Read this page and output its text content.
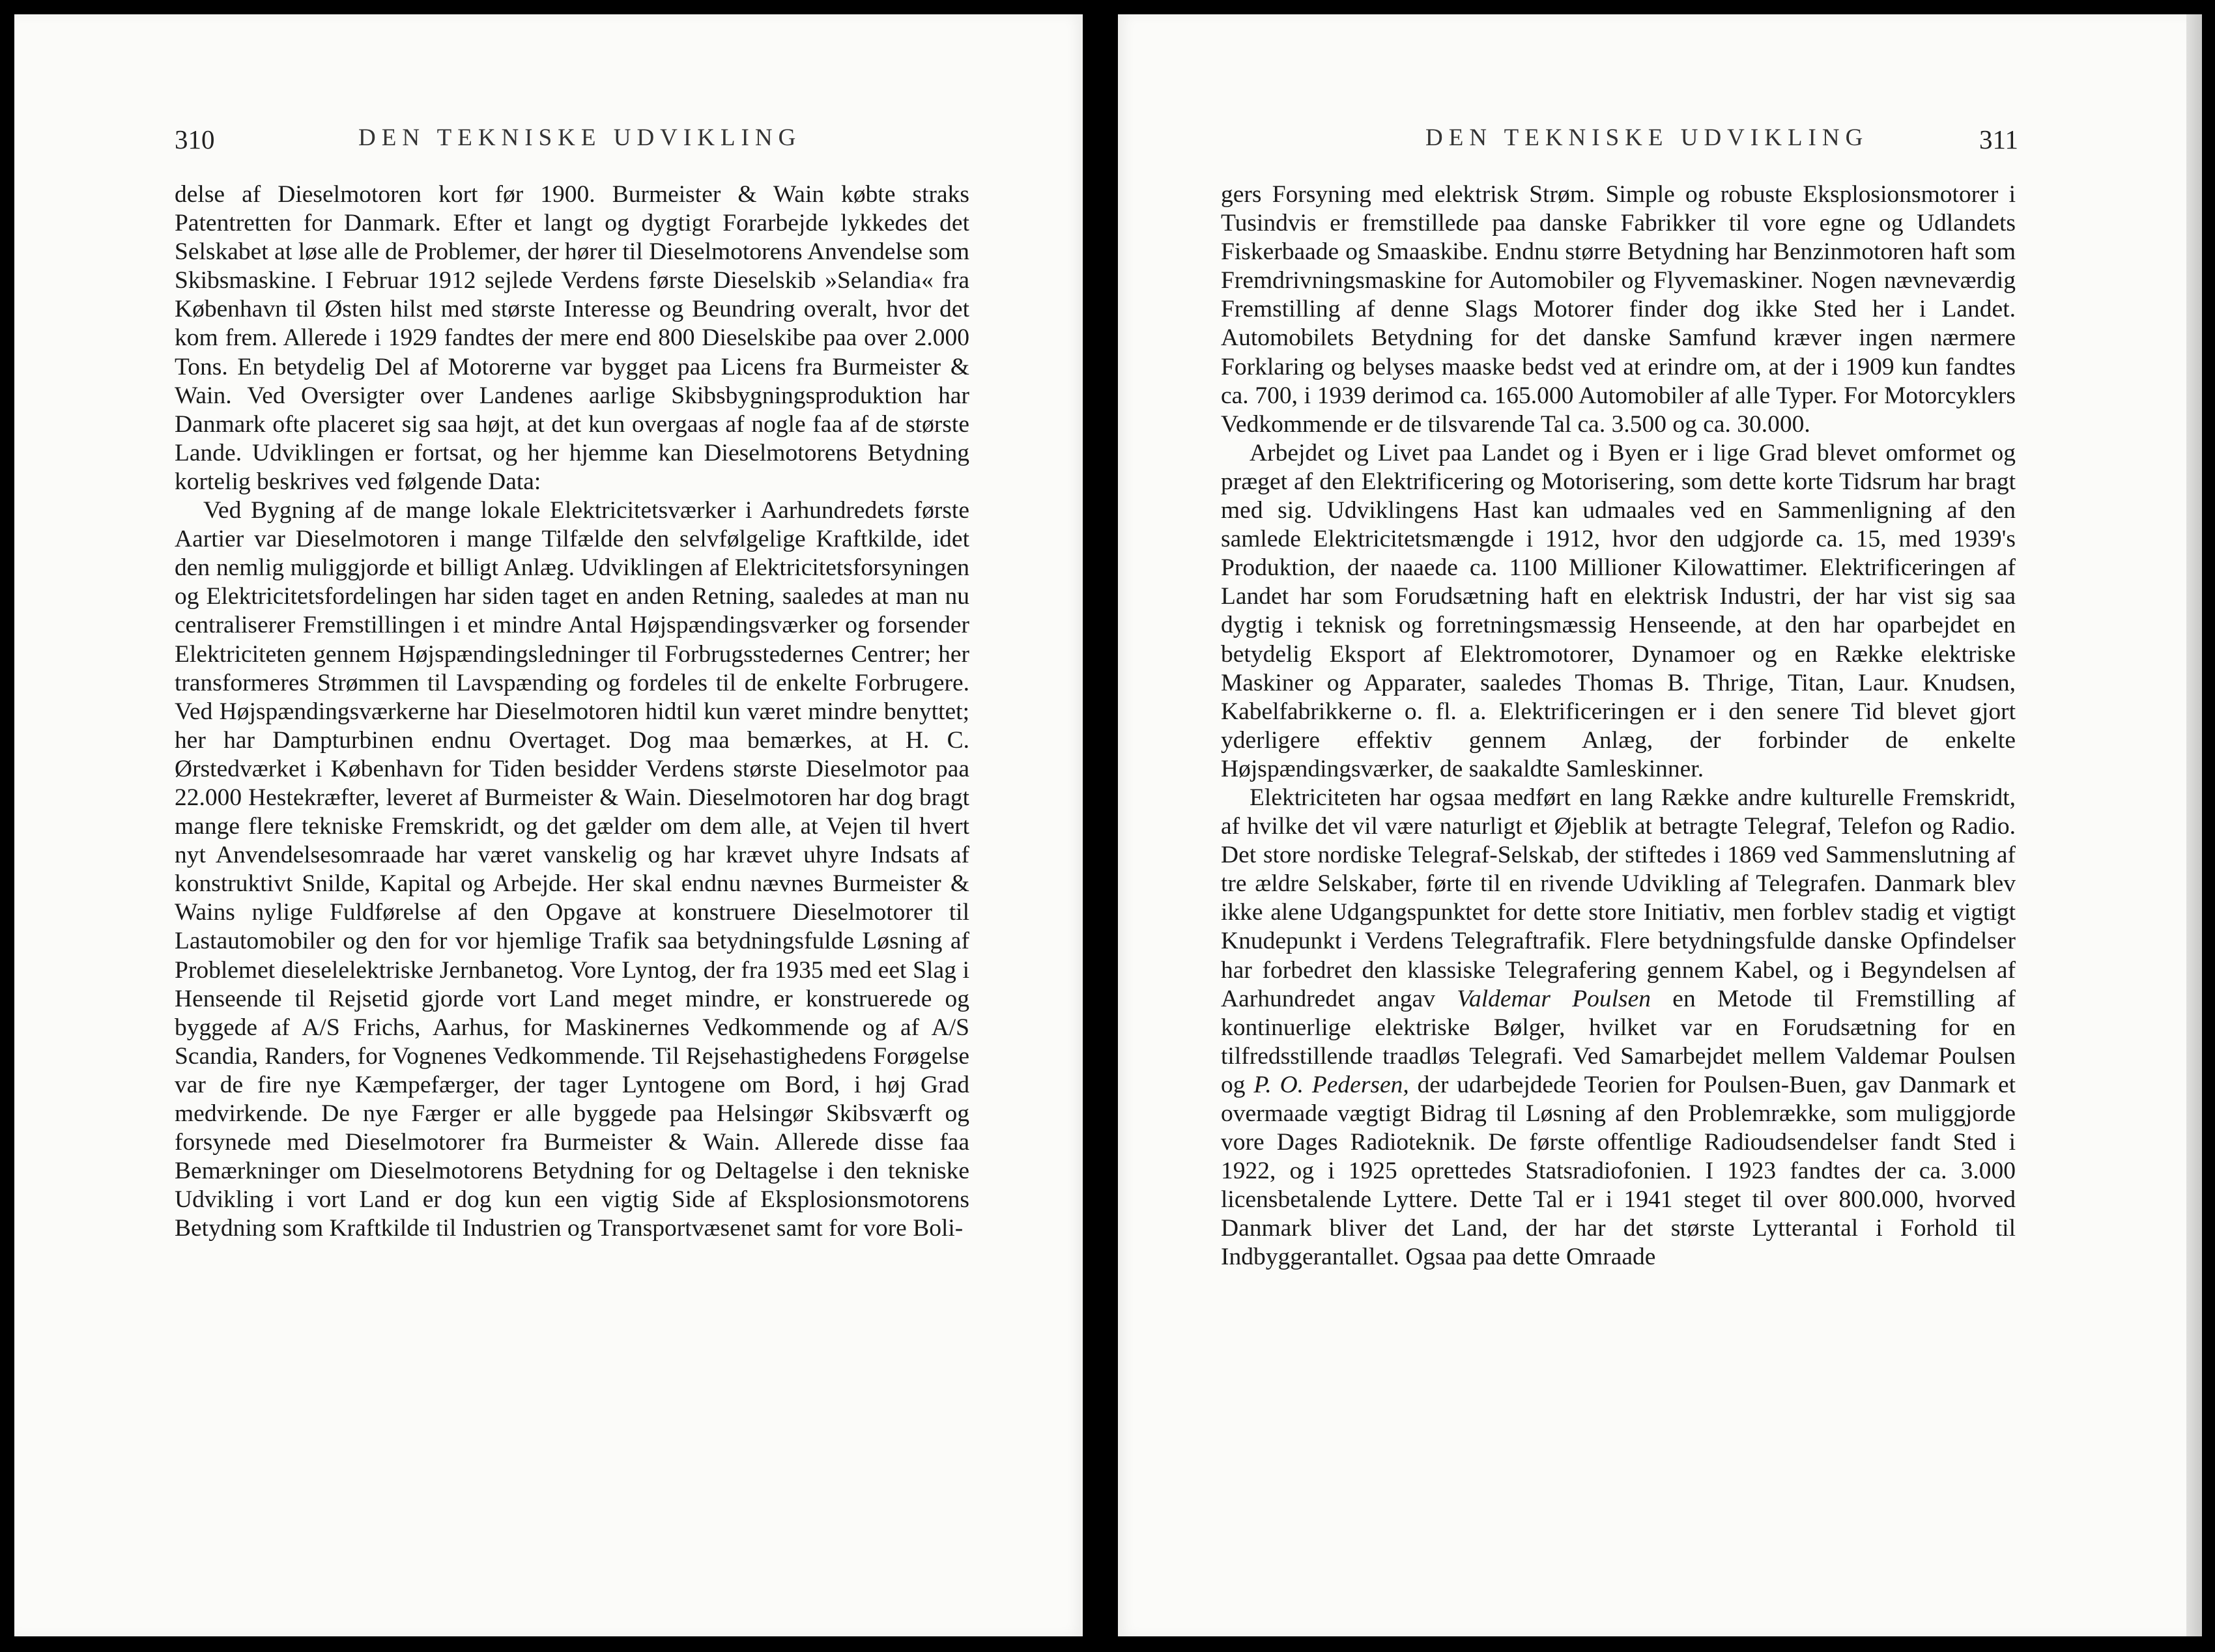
310	DEN TEKNISKE UDVIKLING

delse af Dieselmotoren kort før 1900. Burmeister & Wain købte straks Patentretten for Danmark. Efter et langt og dygtigt Forarbejde lykkedes det Selskabet at løse alle de Problemer, der hører til Dieselmotorens Anvendelse som Skibsmaskine. I Februar 1912 sejlede Verdens første Dieselskib »Selandia« fra København til Østen hilst med største Interesse og Beundring overalt, hvor det kom frem. Allerede i 1929 fandtes der mere end 800 Dieselskibe paa over 2.000 Tons. En betydelig Del af Motorerne var bygget paa Licens fra Burmeister & Wain. Ved Oversigter over Landenes aarlige Skibsbygningsproduktion har Danmark ofte placeret sig saa højt, at det kun overgaas af nogle faa af de største Lande. Udviklingen er fortsat, og her hjemme kan Dieselmotorens Betydning kortelig beskrives ved følgende Data:

Ved Bygning af de mange lokale Elektricitetsværker i Aarhundredets første Aartier var Dieselmotoren i mange Tilfælde den selvfølgelige Kraftkilde, idet den nemlig muliggjorde et billigt Anlæg. Udviklingen af Elektricitetsforsyningen og Elektricitetsfordelingen har siden taget en anden Retning, saaledes at man nu centraliserer Fremstillingen i et mindre Antal Højspændingsværker og forsender Elektriciteten gennem Højspændingsledninger til Forbrugsstedernes Centrer; her transformeres Strømmen til Lavspænding og fordeles til de enkelte Forbrugere. Ved Højspændingsværkerne har Dieselmotoren hidtil kun været mindre benyttet; her har Dampturbinen endnu Overtaget. Dog maa bemærkes, at H. C. Ørstedværket i København for Tiden besidder Verdens største Dieselmotor paa 22.000 Hestekræfter, leveret af Burmeister & Wain. Dieselmotoren har dog bragt mange flere tekniske Fremskridt, og det gælder om dem alle, at Vejen til hvert nyt Anvendelsesomraade har været vanskelig og har krævet uhyre Indsats af konstruktivt Snilde, Kapital og Arbejde. Her skal endnu nævnes Burmeister & Wains nylige Fuldførelse af den Opgave at konstruere Dieselmotorer til Lastautomobiler og den for vor hjemlige Trafik saa betydningsfulde Løsning af Problemet dieselelektriske Jernbanetog. Vore Lyntog, der fra 1935 med eet Slag i Henseende til Rejsetid gjorde vort Land meget mindre, er konstruerede og byggede af A/S Frichs, Aarhus, for Maskinernes Vedkommende og af A/S Scandia, Randers, for Vognenes Vedkommende. Til Rejsehastighedens Forøgelse var de fire nye Kæmpefærger, der tager Lyntogene om Bord, i høj Grad medvirkende. De nye Færger er alle byggede paa Helsingør Skibsværft og forsynede med Dieselmotorer fra Burmeister & Wain. Allerede disse faa Bemærkninger om Dieselmotorens Betydning for og Deltagelse i den tekniske Udvikling i vort Land er dog kun een vigtig Side af Eksplosionsmotorens Betydning som Kraftkilde til Industrien og Transportvæsenet samt for vore Boli-

DEN TEKNISKE UDVIKLING	311

gers Forsyning med elektrisk Strøm. Simple og robuste Eksplosionsmotorer i Tusindvis er fremstillede paa danske Fabrikker til vore egne og Udlandets Fiskerbaade og Smaaskibe. Endnu større Betydning har Benzinmotoren haft som Fremdrivningsmaskine for Automobiler og Flyvemaskiner. Nogen nævneværdig Fremstilling af denne Slags Motorer finder dog ikke Sted her i Landet. Automobilets Betydning for det danske Samfund kræver ingen nærmere Forklaring og belyses maaske bedst ved at erindre om, at der i 1909 kun fandtes ca. 700, i 1939 derimod ca. 165.000 Automobiler af alle Typer. For Motorcyklers Vedkommende er de tilsvarende Tal ca. 3.500 og ca. 30.000.

Arbejdet og Livet paa Landet og i Byen er i lige Grad blevet omformet og præget af den Elektrificering og Motorisering, som dette korte Tidsrum har bragt med sig. Udviklingens Hast kan udmaales ved en Sammenligning af den samlede Elektricitetsmængde i 1912, hvor den udgjorde ca. 15, med 1939's Produktion, der naaede ca. 1100 Millioner Kilowattimer. Elektrificeringen af Landet har som Forudsætning haft en elektrisk Industri, der har vist sig saa dygtig i teknisk og forretningsmæssig Henseende, at den har oparbejdet en betydelig Eksport af Elektromotorer, Dynamoer og en Række elektriske Maskiner og Apparater, saaledes Thomas B. Thrige, Titan, Laur. Knudsen, Kabelfabrikkerne o. fl. a. Elektrificeringen er i den senere Tid blevet gjort yderligere effektiv gennem Anlæg, der forbinder de enkelte Højspændingsværker, de saakaldte Samleskinner.

Elektriciteten har ogsaa medført en lang Række andre kulturelle Fremskridt, af hvilke det vil være naturligt et Øjeblik at betragte Telegraf, Telefon og Radio. Det store nordiske Telegraf-Selskab, der stiftedes i 1869 ved Sammenslutning af tre ældre Selskaber, førte til en rivende Udvikling af Telegrafen. Danmark blev ikke alene Udgangspunktet for dette store Initiativ, men forblev stadig et vigtigt Knudepunkt i Verdens Telegraftrafik. Flere betydningsfulde danske Opfindelser har forbedret den klassiske Telegrafering gennem Kabel, og i Begyndelsen af Aarhundredet angav Valdemar Poulsen en Metode til Fremstilling af kontinuerlige elektriske Bølger, hvilket var en Forudsætning for en tilfredsstillende traadløs Telegrafi. Ved Samarbejdet mellem Valdemar Poulsen og P. O. Pedersen, der udarbejdede Teorien for Poulsen-Buen, gav Danmark et overmaade vægtigt Bidrag til Løsning af den Problemrække, som muliggjorde vore Dages Radioteknik. De første offentlige Radioudsendelser fandt Sted i 1922, og i 1925 oprettedes Statsradiofonien. I 1923 fandtes der ca. 3.000 licensbetalende Lyttere. Dette Tal er i 1941 steget til over 800.000, hvorved Danmark bliver det Land, der har det største Lytterantal i Forhold til Indbyggerantallet. Ogsaa paa dette Omraade
